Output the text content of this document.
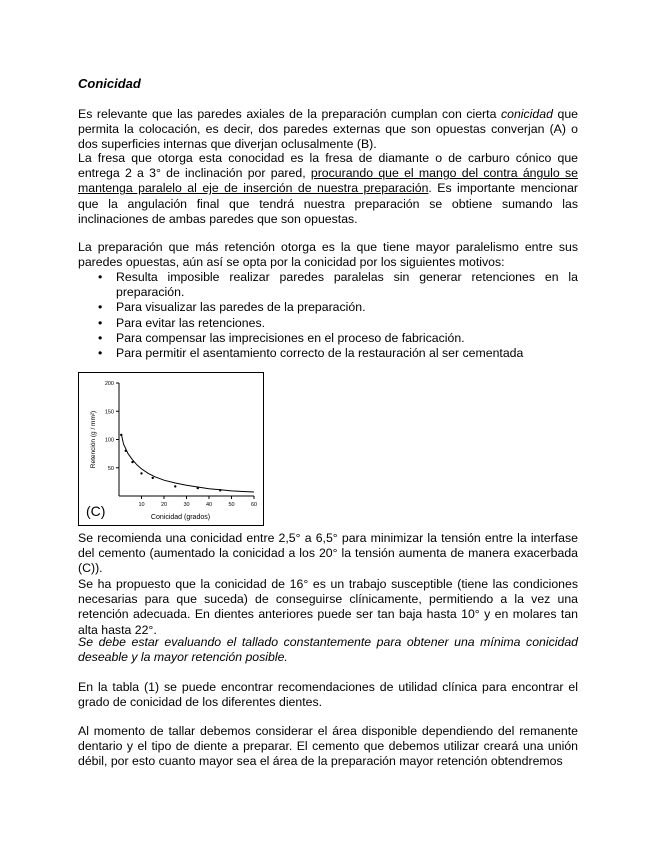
Conicidad

Es relevante que las paredes axiales de la preparación cumplan con cierta conicidad que permita la colocación, es decir, dos paredes externas que son opuestas converjan (A) o dos superficies internas que diverjan oclusalmente (B).

La fresa que otorga esta conocidad es la fresa de diamante o de carburo cónico que entrega 2 a 3° de inclinación por pared, procurando que el mango del contra ángulo se mantenga paralelo al eje de inserción de nuestra preparación. Es importante mencionar que la angulación final que tendrá nuestra preparación se obtiene sumando las inclinaciones de ambas paredes que son opuestas.

La preparación que más retención otorga es la que tiene mayor paralelismo entre sus paredes opuestas, aún así se opta por la conicidad por los siguientes motivos:

• Resulta imposible realizar paredes paralelas sin generar retenciones en la preparación.
• Para visualizar las paredes de la preparación.
• Para evitar las retenciones.
• Para compensar las imprecisiones en el proceso de fabricación.
• Para permitir el asentamiento correcto de la restauración al ser cementada
50
100
150
200
10	20	30	40	50	60
Retención (g / mm²)
Conicidad (grados)
(C)

Se recomienda una conicidad entre 2,5° a 6,5° para minimizar la tensión entre la interfase del cemento (aumentado la conicidad a los 20° la tensión aumenta de manera exacerbada (C)).

Se ha propuesto que la conicidad de 16° es un trabajo susceptible (tiene las condiciones necesarias para que suceda) de conseguirse clínicamente, permitiendo a la vez una retención adecuada. En dientes anteriores puede ser tan baja hasta 10° y en molares tan alta hasta 22°.

Se debe estar evaluando el tallado constantemente para obtener una mínima conicidad deseable y la mayor retención posible.

En la tabla (1) se puede encontrar recomendaciones de utilidad clínica para encontrar el grado de conicidad de los diferentes dientes.

Al momento de tallar debemos considerar el área disponible dependiendo del remanente dentario y el tipo de diente a preparar. El cemento que debemos utilizar creará una unión débil, por esto cuanto mayor sea el área de la preparación mayor retención obtendremos
